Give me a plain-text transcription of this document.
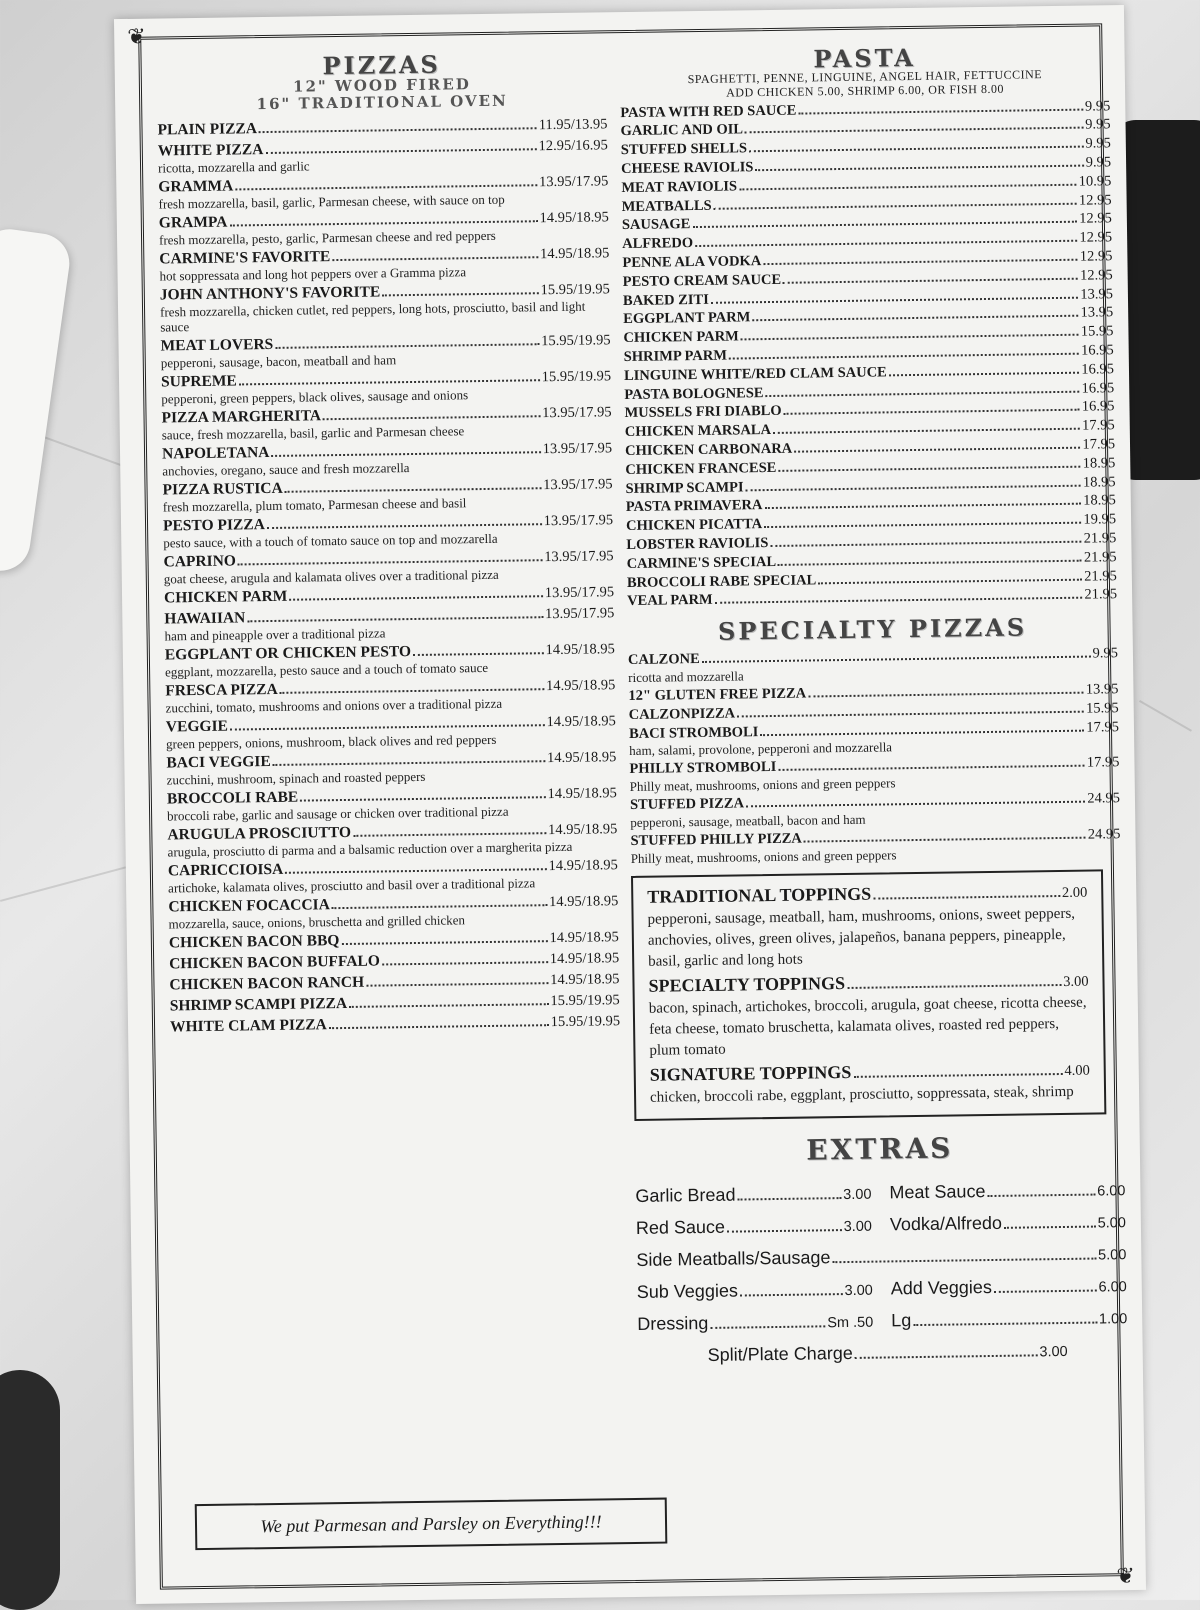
❦ ❦
PIZZAS

12" WOOD FIRED

16" TRADITIONAL OVEN

PLAIN PIZZA	11.95/13.95
WHITE PIZZA	12.95/16.95

ricotta, mozzarella and garlic

GRAMMA	13.95/17.95

fresh mozzarella, basil, garlic, Parmesan cheese, with sauce on top

GRAMPA	14.95/18.95

fresh mozzarella, pesto, garlic, Parmesan cheese and red peppers

CARMINE'S FAVORITE	14.95/18.95

hot soppressata and long hot peppers over a Gramma pizza

JOHN ANTHONY'S FAVORITE	15.95/19.95

fresh mozzarella, chicken cutlet, red peppers, long hots, prosciutto, basil and light sauce

MEAT LOVERS	15.95/19.95

pepperoni, sausage, bacon, meatball and ham

SUPREME	15.95/19.95

pepperoni, green peppers, black olives, sausage and onions

PIZZA MARGHERITA	13.95/17.95

sauce, fresh mozzarella, basil, garlic and Parmesan cheese

NAPOLETANA	13.95/17.95

anchovies, oregano, sauce and fresh mozzarella

PIZZA RUSTICA	13.95/17.95

fresh mozzarella, plum tomato, Parmesan cheese and basil

PESTO PIZZA	13.95/17.95

pesto sauce, with a touch of tomato sauce on top and mozzarella

CAPRINO	13.95/17.95

goat cheese, arugula and kalamata olives over a traditional pizza

CHICKEN PARM	13.95/17.95
HAWAIIAN	13.95/17.95

ham and pineapple over a traditional pizza

EGGPLANT OR CHICKEN PESTO	14.95/18.95

eggplant, mozzarella, pesto sauce and a touch of tomato sauce

FRESCA PIZZA	14.95/18.95

zucchini, tomato, mushrooms and onions over a traditional pizza

VEGGIE	14.95/18.95

green peppers, onions, mushroom, black olives and red peppers

BACI VEGGIE	14.95/18.95

zucchini, mushroom, spinach and roasted peppers

BROCCOLI RABE	14.95/18.95

broccoli rabe, garlic and sausage or chicken over traditional pizza

ARUGULA PROSCIUTTO	14.95/18.95

arugula, prosciutto di parma and a balsamic reduction over a margherita pizza

CAPRICCIOISA	14.95/18.95

artichoke, kalamata olives, prosciutto and basil over a traditional pizza

CHICKEN FOCACCIA	14.95/18.95

mozzarella, sauce, onions, bruschetta and grilled chicken

CHICKEN BACON BBQ	14.95/18.95
CHICKEN BACON BUFFALO	14.95/18.95
CHICKEN BACON RANCH	14.95/18.95
SHRIMP SCAMPI PIZZA	15.95/19.95
WHITE CLAM PIZZA	15.95/19.95
PASTA

SPAGHETTI, PENNE, LINGUINE, ANGEL HAIR, FETTUCCINE

ADD CHICKEN 5.00, SHRIMP 6.00, OR FISH 8.00

PASTA WITH RED SAUCE	9.95
GARLIC AND OIL	9.95
STUFFED SHELLS	9.95
CHEESE RAVIOLIS	9.95
MEAT RAVIOLIS	10.95
MEATBALLS	12.95
SAUSAGE	12.95
ALFREDO	12.95
PENNE ALA VODKA	12.95
PESTO CREAM SAUCE	12.95
BAKED ZITI	13.95
EGGPLANT PARM	13.95
CHICKEN PARM	15.95
SHRIMP PARM	16.95
LINGUINE WHITE/RED CLAM SAUCE	16.95
PASTA BOLOGNESE	16.95
MUSSELS FRI DIABLO	16.95
CHICKEN MARSALA	17.95
CHICKEN CARBONARA	17.95
CHICKEN FRANCESE	18.95
SHRIMP SCAMPI	18.95
PASTA PRIMAVERA	18.95
CHICKEN PICATTA	19.95
LOBSTER RAVIOLIS	21.95
CARMINE'S SPECIAL	21.95
BROCCOLI RABE SPECIAL	21.95
VEAL PARM	21.95
SPECIALTY PIZZAS
CALZONE	9.95

ricotta and mozzarella

12" GLUTEN FREE PIZZA	13.95
CALZONPIZZA	15.95
BACI STROMBOLI	17.95

ham, salami, provolone, pepperoni and mozzarella

PHILLY STROMBOLI	17.95

Philly meat, mushrooms, onions and green peppers

STUFFED PIZZA	24.95

pepperoni, sausage, meatball, bacon and ham

STUFFED PHILLY PIZZA	24.95

Philly meat, mushrooms, onions and green peppers

TRADITIONAL TOPPINGS	2.00

pepperoni, sausage, meatball, ham, mushrooms, onions, sweet peppers, anchovies, olives, green olives, jalapeños, banana peppers, pineapple, basil, garlic and long hots

SPECIALTY TOPPINGS	3.00

bacon, spinach, artichokes, broccoli, arugula, goat cheese, ricotta cheese, feta cheese, tomato bruschetta, kalamata olives, roasted red peppers, plum tomato

SIGNATURE TOPPINGS	4.00

chicken, broccoli rabe, eggplant, prosciutto, soppressata, steak, shrimp

EXTRAS
Garlic Bread	3.00 Meat Sauce	6.00
Red Sauce	3.00 Vodka/Alfredo	5.00
Side Meatballs/Sausage	5.00
Sub Veggies	3.00 Add Veggies	6.00
Dressing	Sm .50 Lg	1.00
Split/Plate Charge	3.00
We put Parmesan and Parsley on Everything!!!
